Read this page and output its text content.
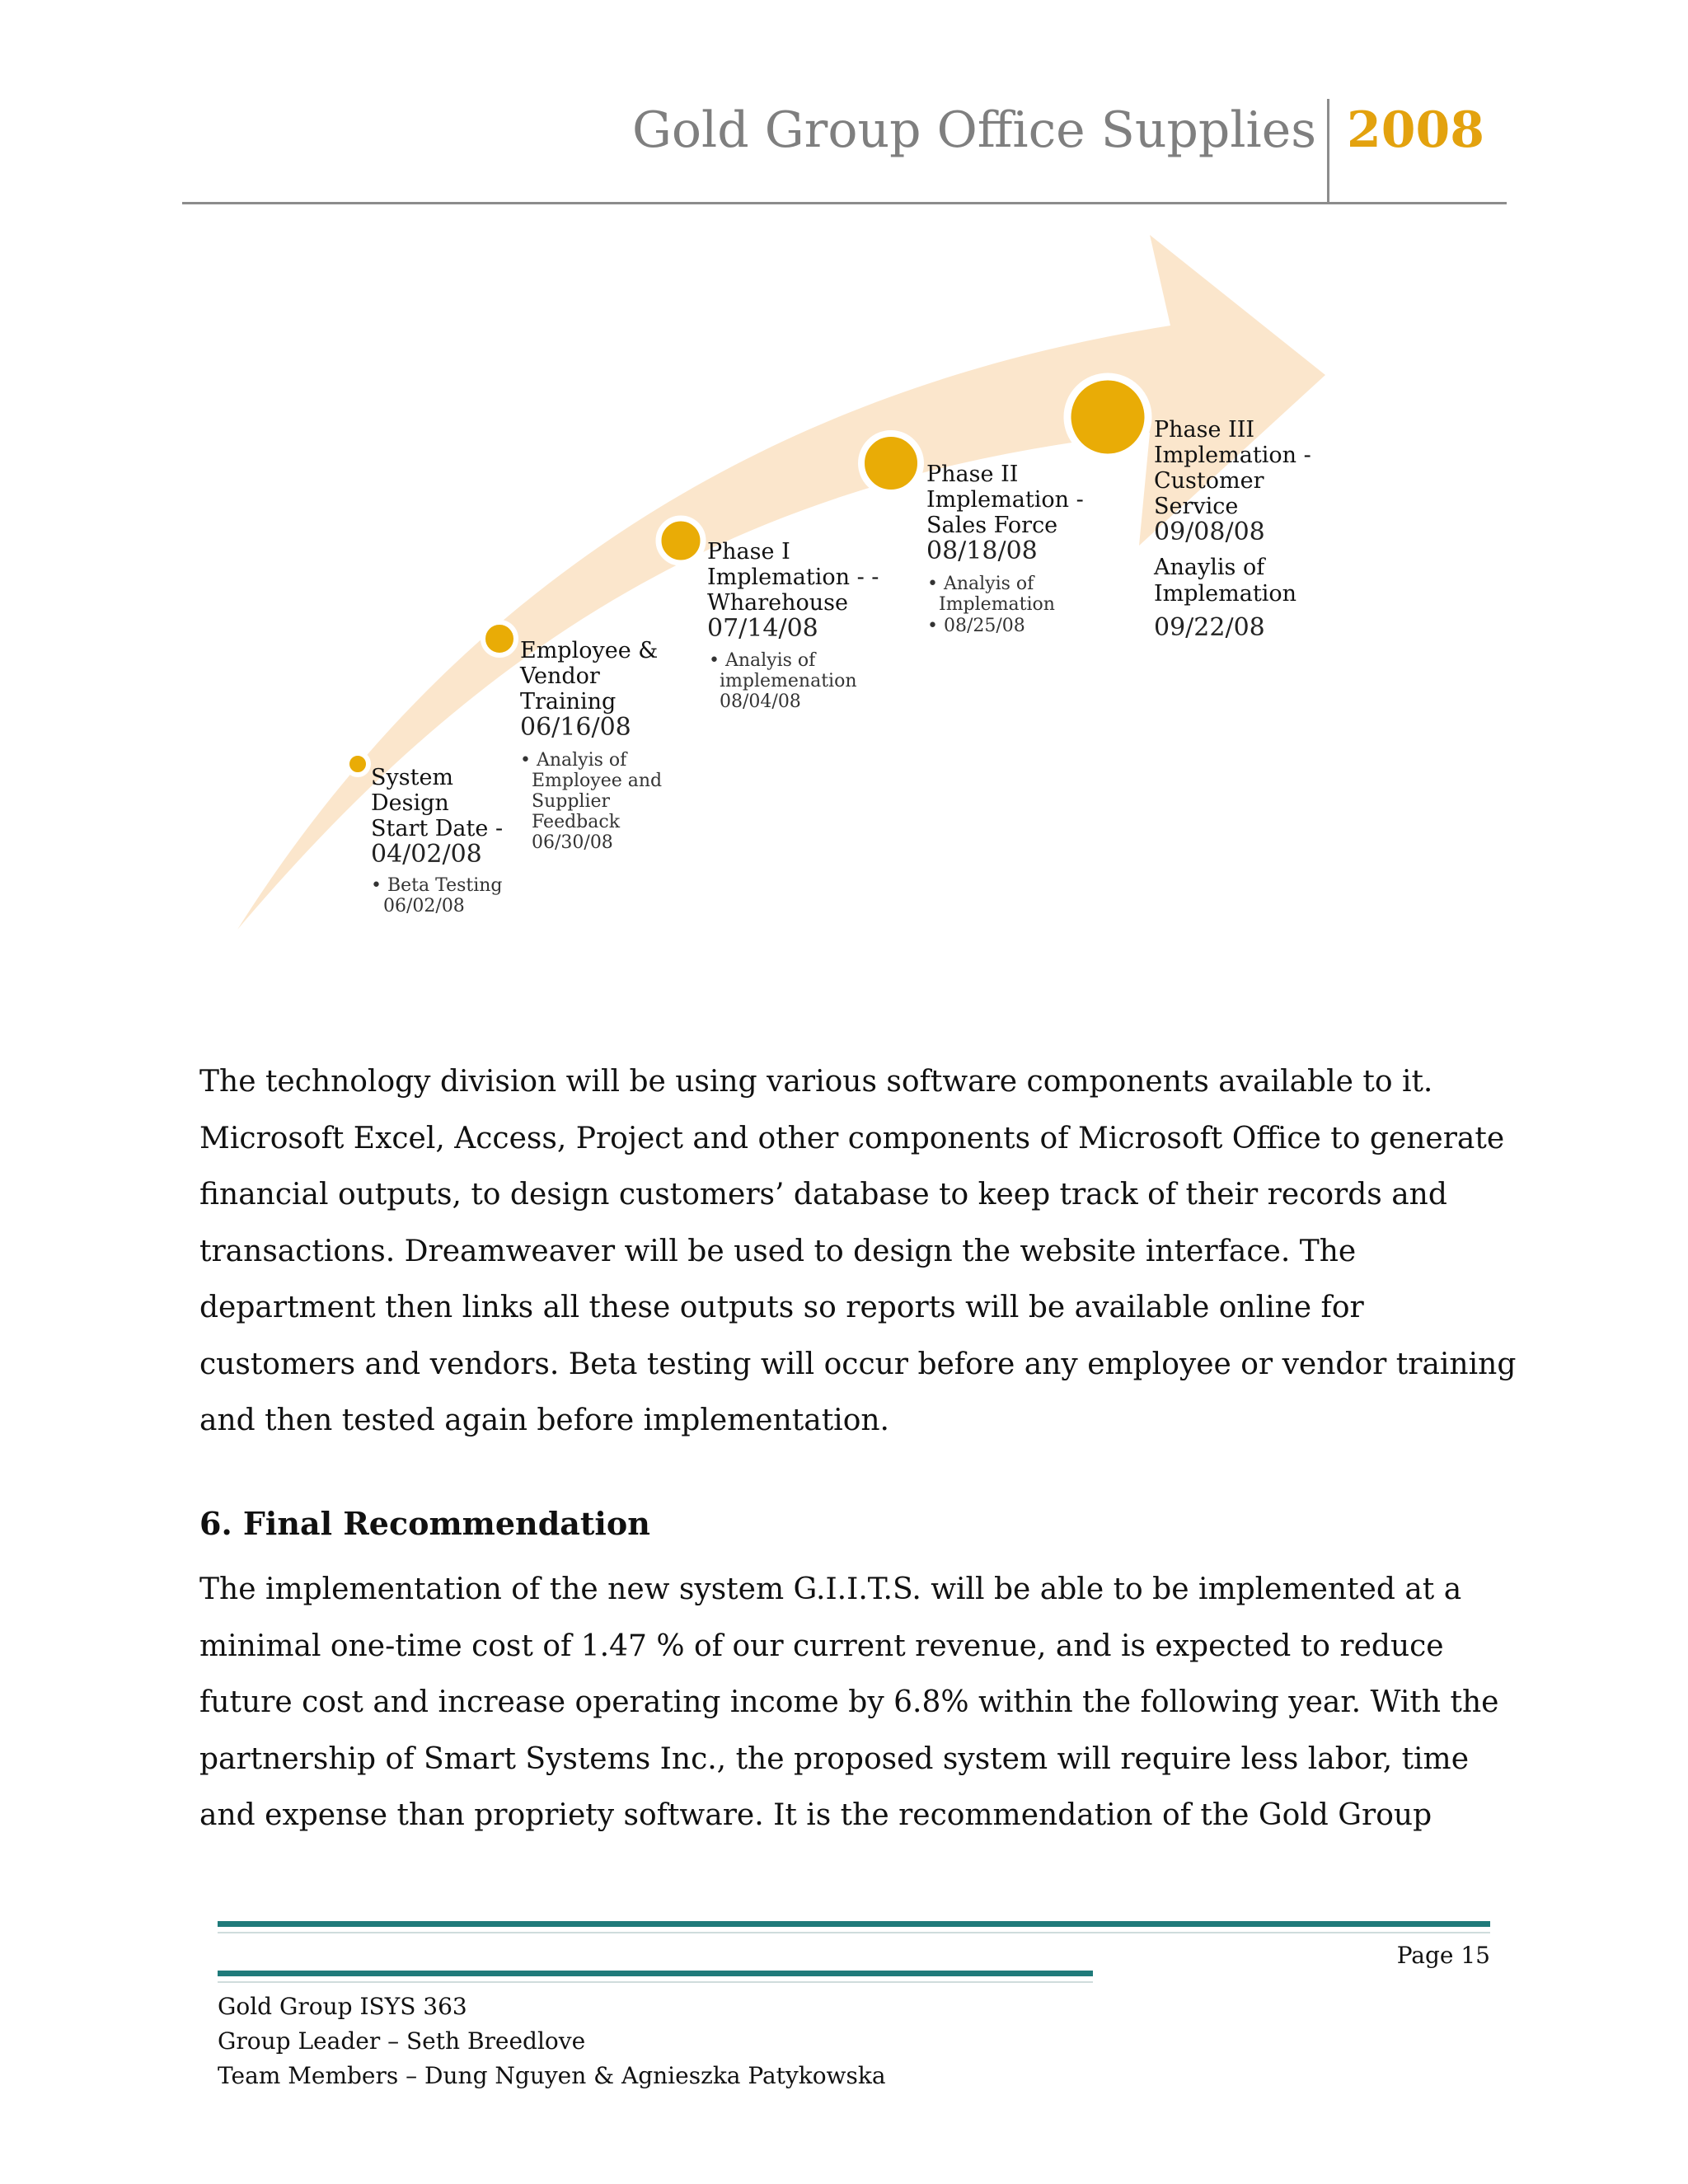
Gold Group Office Supplies 2008
System Design Start Date -
04/02/08
• Beta Testing 06/02/08
Employee & Vendor Training
06/16/08
• Analyis of Employee and Supplier Feedback 06/30/08
Phase I Implemation - - Wharehouse
07/14/08
• Analyis of implemenation 08/04/08
Phase II Implemation - Sales Force
08/18/08
• Analyis of Implemation • 08/25/08
Phase III Implemation - Customer Service
09/08/08
Anaylis of Implemation
09/22/08

The technology division will be using various software components available to it. Microsoft Excel, Access, Project and other components of Microsoft Office to generate financial outputs, to design customers’ database to keep track of their records and transactions. Dreamweaver will be used to design the website interface. The department then links all these outputs so reports will be available online for customers and vendors. Beta testing will occur before any employee or vendor training and then tested again before implementation.

6. Final Recommendation

The implementation of the new system G.I.I.T.S. will be able to be implemented at a minimal one-time cost of 1.47 % of our current revenue, and is expected to reduce future cost and increase operating income by 6.8% within the following year. With the partnership of Smart Systems Inc., the proposed system will require less labor, time and expense than propriety software. It is the recommendation of the Gold Group

Page 15
Gold Group ISYS 363
Group Leader – Seth Breedlove
Team Members – Dung Nguyen & Agnieszka Patykowska
